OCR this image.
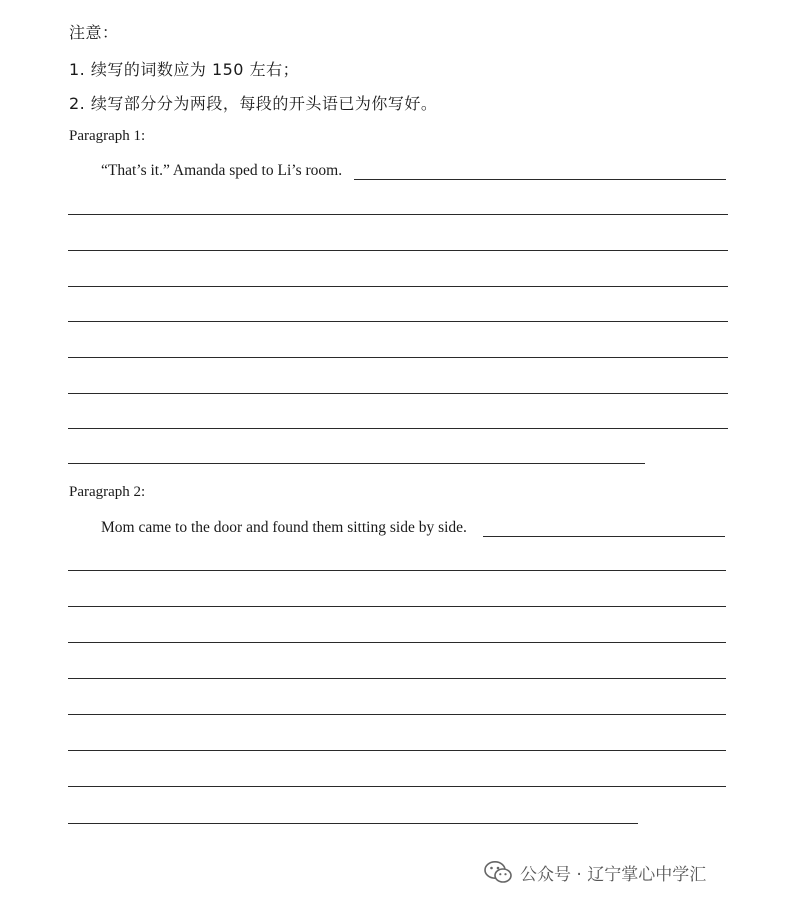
注意：
1. 续写的词数应为 150 左右；
2. 续写部分分为两段，每段的开头语已为你写好。
Paragraph 1:
“That’s it.” Amanda sped to Li’s room.
Paragraph 2:
Mom came to the door and found them sitting side by side.
公众号 · 辽宁掌心中学汇
